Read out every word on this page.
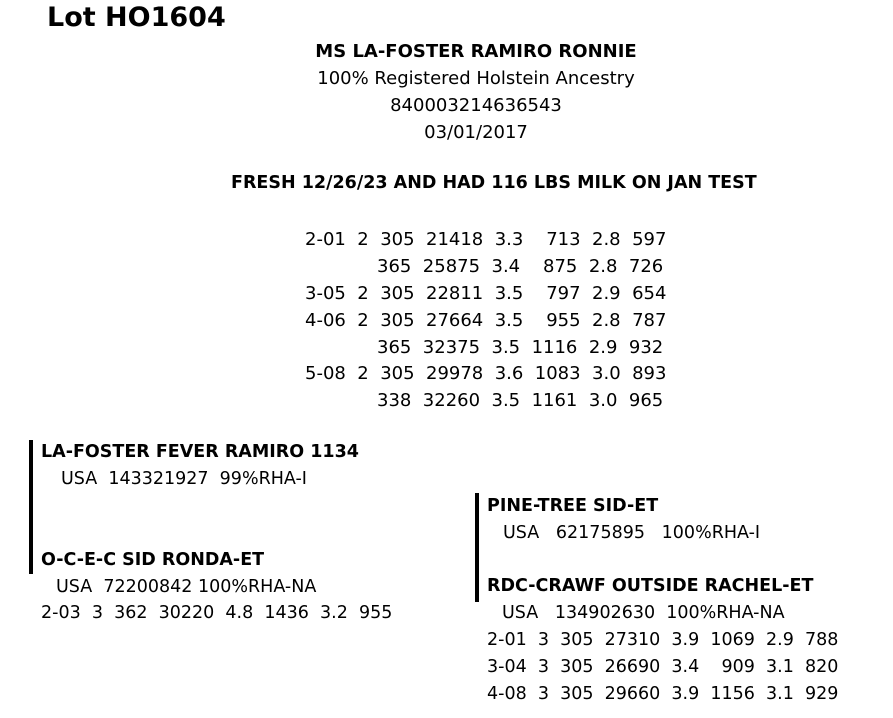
Lot HO1604
MS LA-FOSTER RAMIRO RONNIE
100% Registered Holstein Ancestry
840003214636543
03/01/2017
FRESH 12/26/23 AND HAD 116 LBS MILK ON JAN TEST
2-01  2  305  21418  3.3    713  2.8  597
365  25875  3.4    875  2.8  726
3-05  2  305  22811  3.5    797  2.9  654
4-06  2  305  27664  3.5    955  2.8  787
365  32375  3.5  1116  2.9  932
5-08  2  305  29978  3.6  1083  3.0  893
338  32260  3.5  1161  3.0  965
LA-FOSTER FEVER RAMIRO 1134
USA  143321927  99%RHA-I
O-C-E-C SID RONDA-ET
USA  72200842 100%RHA-NA
2-03  3  362  30220  4.8  1436  3.2  955
PINE-TREE SID-ET
USA   62175895   100%RHA-I
RDC-CRAWF OUTSIDE RACHEL-ET
USA   134902630  100%RHA-NA
2-01  3  305  27310  3.9  1069  2.9  788
3-04  3  305  26690  3.4    909  3.1  820
4-08  3  305  29660  3.9  1156  3.1  929
